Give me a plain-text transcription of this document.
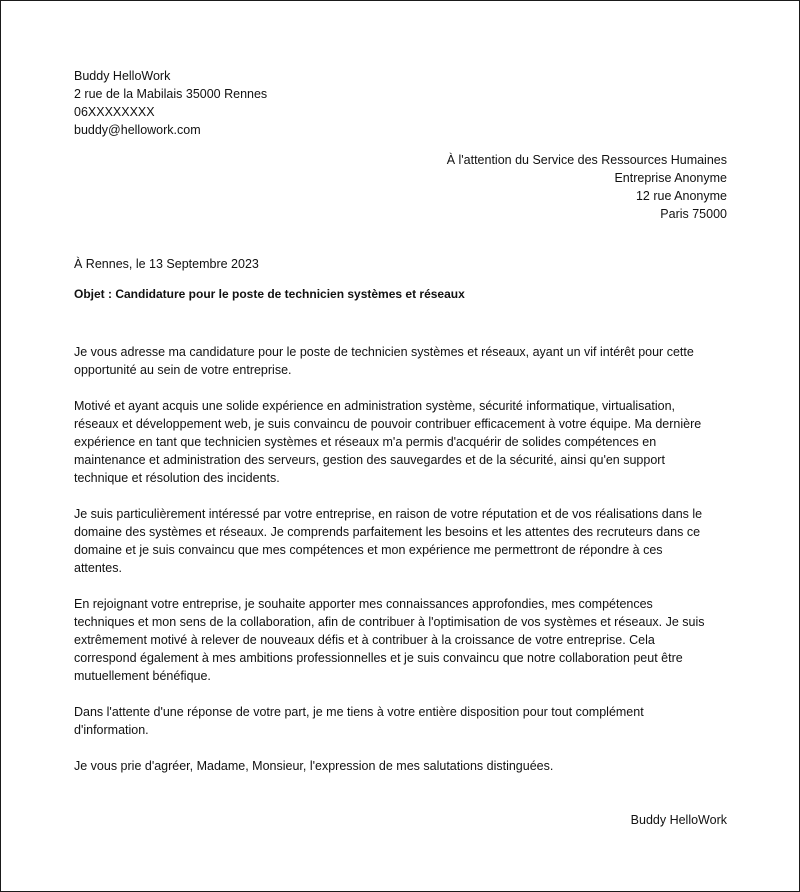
Buddy HelloWork
2 rue de la Mabilais 35000 Rennes
06XXXXXXXX
buddy@hellowork.com
À l'attention du Service des Ressources Humaines
Entreprise Anonyme
12 rue Anonyme
Paris 75000
À Rennes, le 13 Septembre 2023
Objet : Candidature pour le poste de technicien systèmes et réseaux
Je vous adresse ma candidature pour le poste de technicien systèmes et réseaux, ayant un vif intérêt pour cette
opportunité au sein de votre entreprise.
Motivé et ayant acquis une solide expérience en administration système, sécurité informatique, virtualisation,
réseaux et développement web, je suis convaincu de pouvoir contribuer efficacement à votre équipe. Ma dernière
expérience en tant que technicien systèmes et réseaux m'a permis d'acquérir de solides compétences en
maintenance et administration des serveurs, gestion des sauvegardes et de la sécurité, ainsi qu'en support
technique et résolution des incidents.
Je suis particulièrement intéressé par votre entreprise, en raison de votre réputation et de vos réalisations dans le
domaine des systèmes et réseaux. Je comprends parfaitement les besoins et les attentes des recruteurs dans ce
domaine et je suis convaincu que mes compétences et mon expérience me permettront de répondre à ces
attentes.
En rejoignant votre entreprise, je souhaite apporter mes connaissances approfondies, mes compétences
techniques et mon sens de la collaboration, afin de contribuer à l'optimisation de vos systèmes et réseaux. Je suis
extrêmement motivé à relever de nouveaux défis et à contribuer à la croissance de votre entreprise. Cela
correspond également à mes ambitions professionnelles et je suis convaincu que notre collaboration peut être
mutuellement bénéfique.
Dans l'attente d'une réponse de votre part, je me tiens à votre entière disposition pour tout complément
d'information.
Je vous prie d'agréer, Madame, Monsieur, l'expression de mes salutations distinguées.
Buddy HelloWork
